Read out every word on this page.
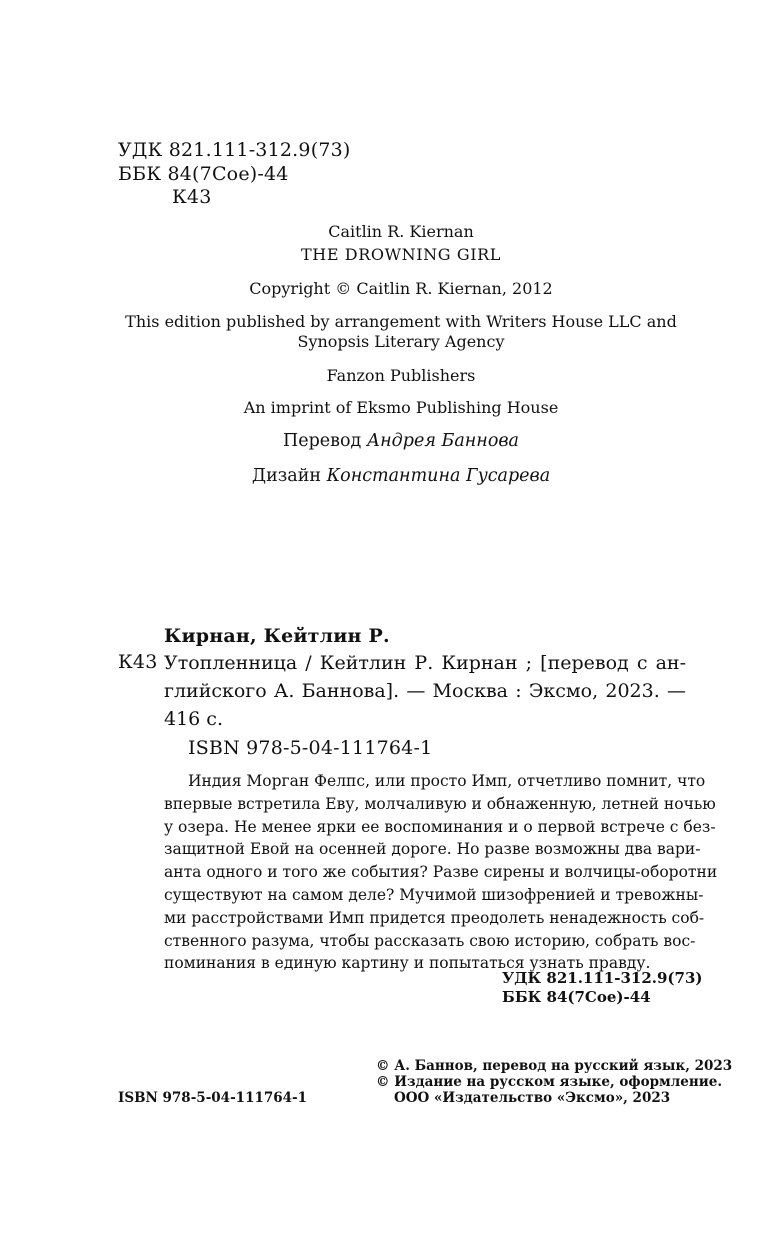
УДК 821.111-312.9(73)
ББК 84(7Сое)-44
К43
Caitlin R. Kiernan
THE DROWNING GIRL
Copyright © Caitlin R. Kiernan, 2012
This edition published by arrangement with Writers House LLC and
Synopsis Literary Agency
Fanzon Publishers
An imprint of Eksmo Publishing House
Перевод Андрея Баннова
Дизайн Константина Гусарева
Кирнан, Кейтлин Р.
К43 Утопленница / Кейтлин Р. Кирнан ; [перевод с ан-
глийского А. Баннова]. — Москва : Эксмо, 2023. —
416 с.
ISBN 978-5-04-111764-1
Индия Морган Фелпс, или просто Имп, отчетливо помнит, что
впервые встретила Еву, молчаливую и обнаженную, летней ночью
у озера. Не менее ярки ее воспоминания и о первой встрече с без-
защитной Евой на осенней дороге. Но разве возможны два вари-
анта одного и того же события? Разве сирены и волчицы-оборотни
существуют на самом деле? Мучимой шизофренией и тревожны-
ми расстройствами Имп придется преодолеть ненадежность соб-
ственного разума, чтобы рассказать свою историю, собрать вос-
поминания в единую картину и попытаться узнать правду.
УДК 821.111-312.9(73)
ББК 84(7Сое)-44
ISBN 978-5-04-111764-1
© А. Баннов, перевод на русский язык, 2023
© Издание на русском языке, оформление.
ООО «Издательство «Эксмо», 2023
